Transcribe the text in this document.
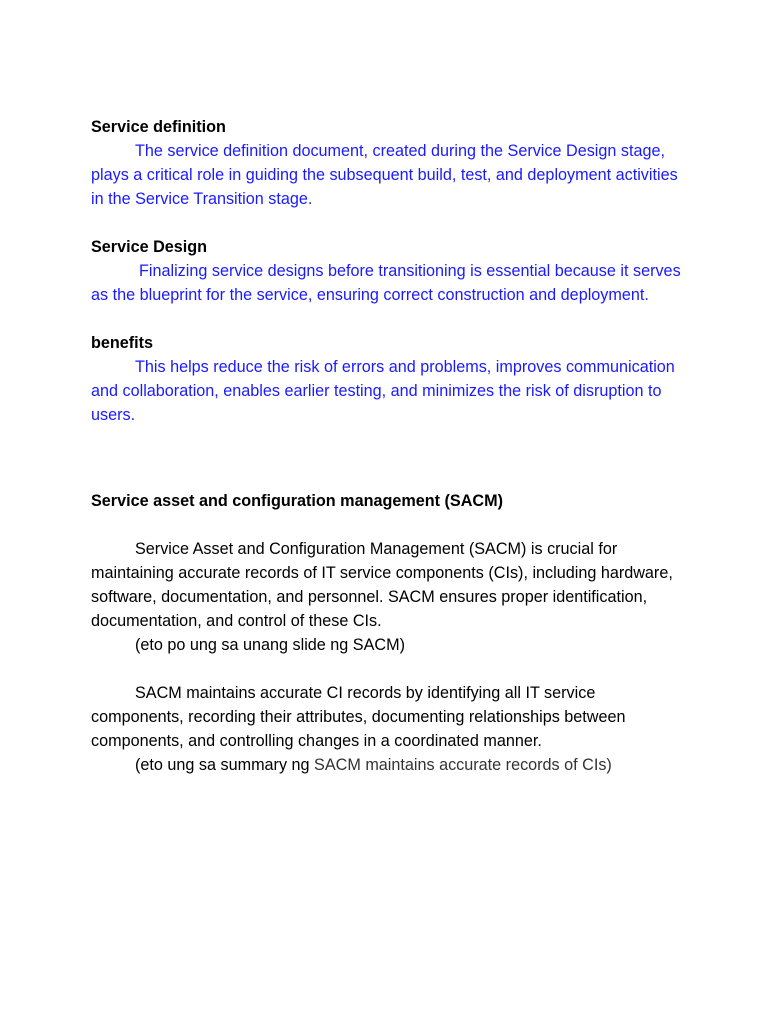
Service definition

The service definition document, created during the Service Design stage, plays a critical role in guiding the subsequent build, test, and deployment activities in the Service Transition stage.

Service Design

Finalizing service designs before transitioning is essential because it serves as the blueprint for the service, ensuring correct construction and deployment.

benefits

This helps reduce the risk of errors and problems, improves communication and collaboration, enables earlier testing, and minimizes the risk of disruption to users.

Service asset and configuration management (SACM)

Service Asset and Configuration Management (SACM) is crucial for maintaining accurate records of IT service components (CIs), including hardware, software, documentation, and personnel. SACM ensures proper identification, documentation, and control of these CIs.

(eto po ung sa unang slide ng SACM)

SACM maintains accurate CI records by identifying all IT service components, recording their attributes, documenting relationships between components, and controlling changes in a coordinated manner.

(eto ung sa summary ng SACM maintains accurate records of CIs)
